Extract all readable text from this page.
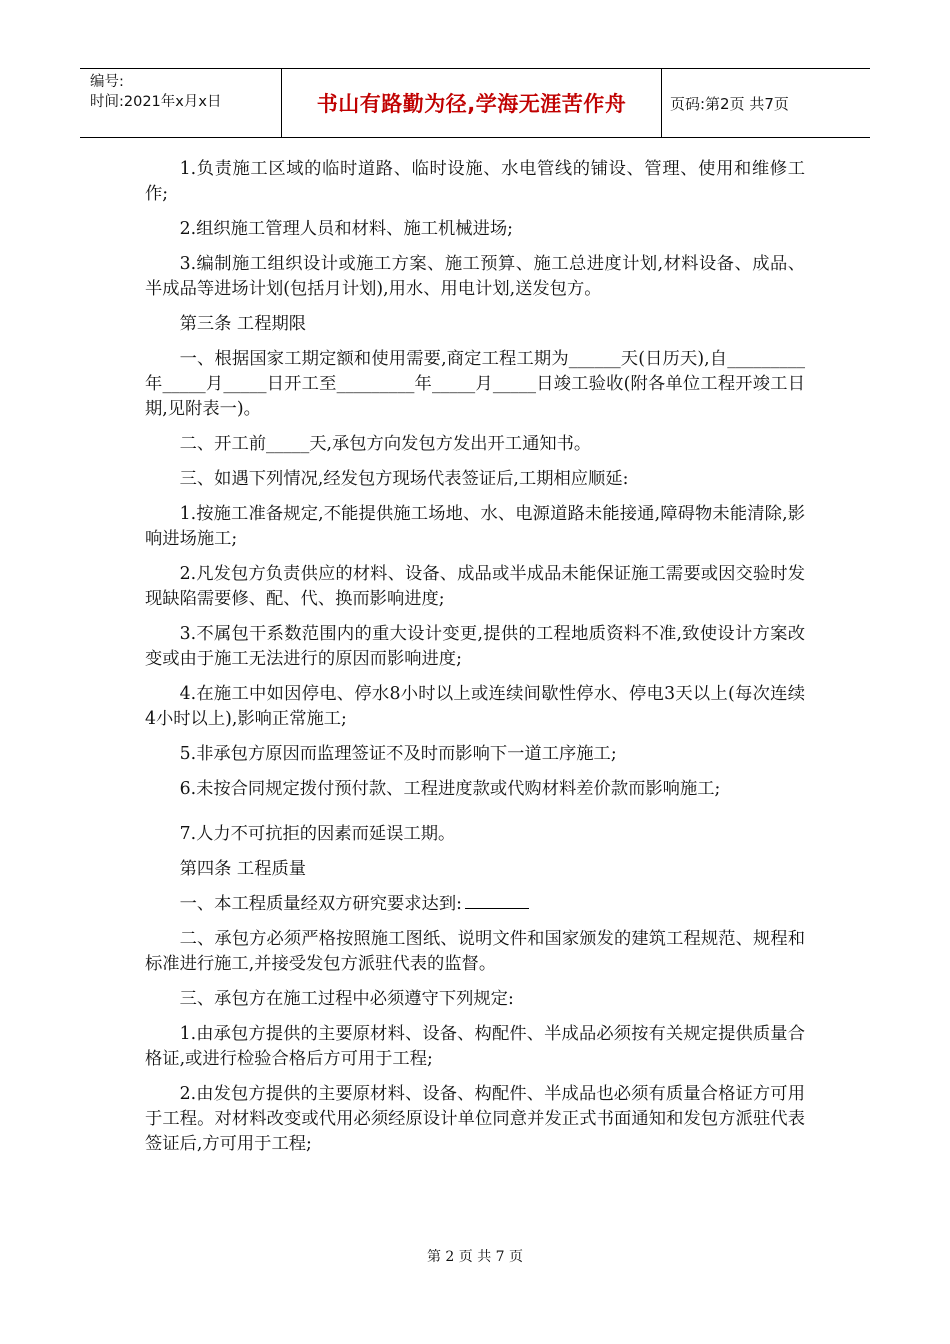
编号:
时间:2021年x月x日	书山有路勤为径,学海无涯苦作舟	页码:第2页 共7页

1.负责施工区域的临时道路、临时设施、水电管线的铺设、管理、使用和维修工作;

2.组织施工管理人员和材料、施工机械进场;

3.编制施工组织设计或施工方案、施工预算、施工总进度计划,材料设备、成品、半成品等进场计划(包括月计划),用水、用电计划,送发包方。

第三条 工程期限

一、根据国家工期定额和使用需要,商定工程工期为______天(日历天),自_________年_____月_____日开工至_________年_____月_____日竣工验收(附各单位工程开竣工日期,见附表一)。

二、开工前_____天,承包方向发包方发出开工通知书。

三、如遇下列情况,经发包方现场代表签证后,工期相应顺延:

1.按施工准备规定,不能提供施工场地、水、电源道路未能接通,障碍物未能清除,影响进场施工;

2.凡发包方负责供应的材料、设备、成品或半成品未能保证施工需要或因交验时发现缺陷需要修、配、代、换而影响进度;

3.不属包干系数范围内的重大设计变更,提供的工程地质资料不准,致使设计方案改变或由于施工无法进行的原因而影响进度;

4.在施工中如因停电、停水8小时以上或连续间歇性停水、停电3天以上(每次连续4小时以上),影响正常施工;

5.非承包方原因而监理签证不及时而影响下一道工序施工;

6.未按合同规定拨付预付款、工程进度款或代购材料差价款而影响施工;

7.人力不可抗拒的因素而延误工期。

第四条 工程质量

一、本工程质量经双方研究要求达到:

二、承包方必须严格按照施工图纸、说明文件和国家颁发的建筑工程规范、规程和标准进行施工,并接受发包方派驻代表的监督。

三、承包方在施工过程中必须遵守下列规定:

1.由承包方提供的主要原材料、设备、构配件、半成品必须按有关规定提供质量合格证,或进行检验合格后方可用于工程;

2.由发包方提供的主要原材料、设备、构配件、半成品也必须有质量合格证方可用于工程。对材料改变或代用必须经原设计单位同意并发正式书面通知和发包方派驻代表签证后,方可用于工程;

第 2 页 共 7 页
